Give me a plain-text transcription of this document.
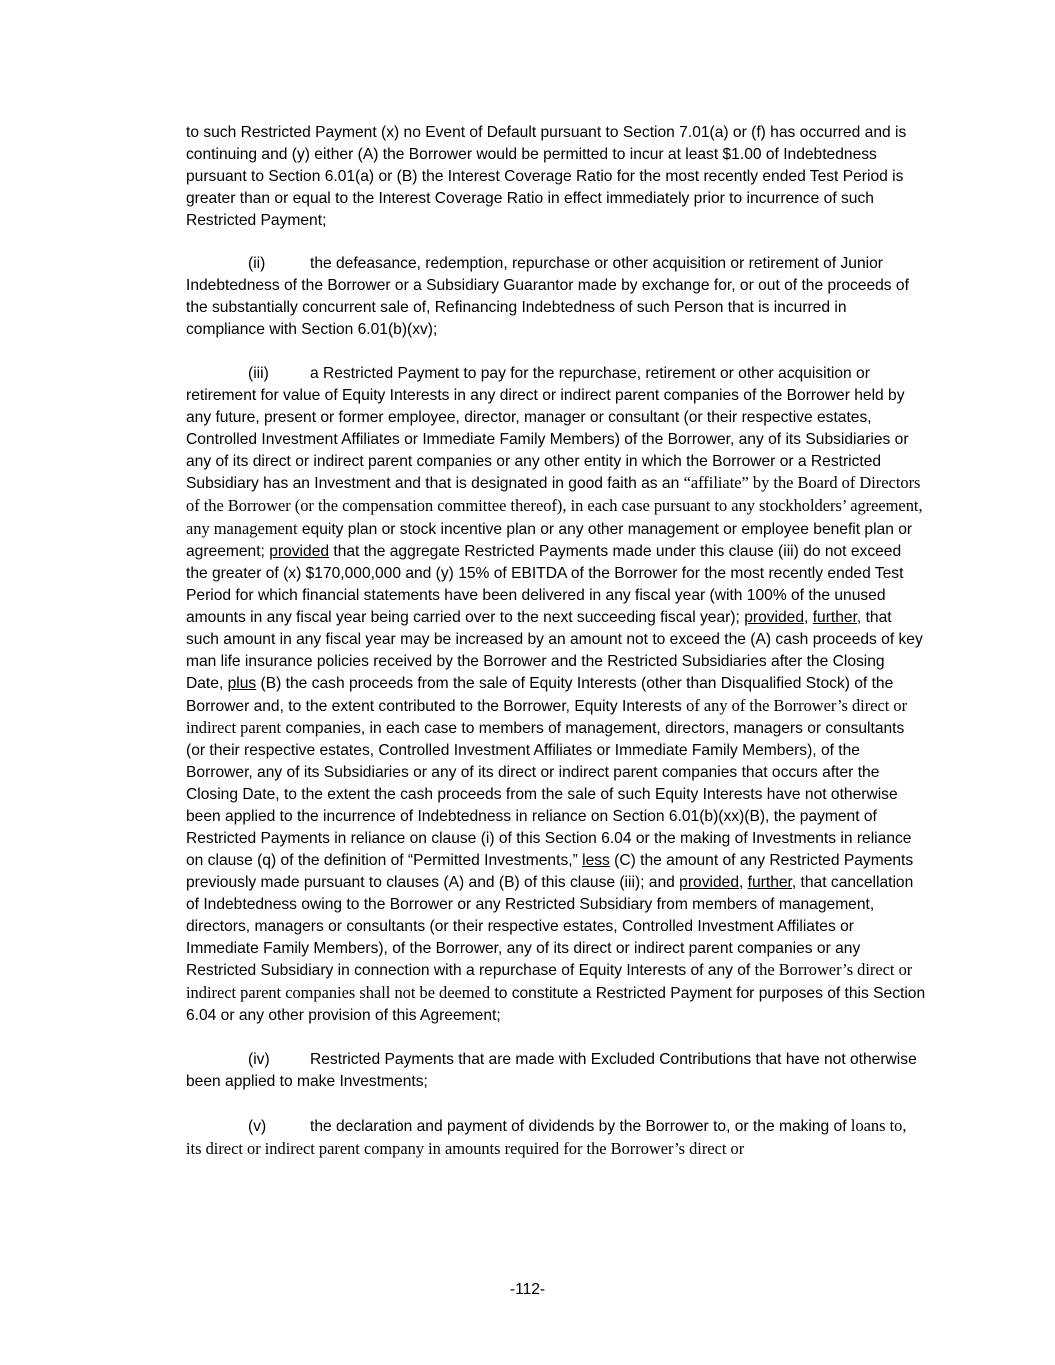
to such Restricted Payment (x) no Event of Default pursuant to Section 7.01(a) or (f) has occurred and is continuing and (y) either (A) the Borrower would be permitted to incur at least $1.00 of Indebtedness pursuant to Section 6.01(a) or (B) the Interest Coverage Ratio for the most recently ended Test Period is greater than or equal to the Interest Coverage Ratio in effect immediately prior to incurrence of such Restricted Payment;

(ii)	the defeasance, redemption, repurchase or other acquisition or retirement of Junior Indebtedness of the Borrower or a Subsidiary Guarantor made by exchange for, or out of the proceeds of the substantially concurrent sale of, Refinancing Indebtedness of such Person that is incurred in compliance with Section 6.01(b)(xv);

(iii)	a Restricted Payment to pay for the repurchase, retirement or other acquisition or retirement for value of Equity Interests in any direct or indirect parent companies of the Borrower held by any future, present or former employee, director, manager or consultant (or their respective estates, Controlled Investment Affiliates or Immediate Family Members) of the Borrower, any of its Subsidiaries or any of its direct or indirect parent companies or any other entity in which the Borrower or a Restricted Subsidiary has an Investment and that is designated in good faith as an “affiliate” by the Board of Directors of the Borrower (or the compensation committee thereof), in each case pursuant to any stockholders’ agreement, any management equity plan or stock incentive plan or any other management or employee benefit plan or agreement; provided that the aggregate Restricted Payments made under this clause (iii) do not exceed the greater of (x) $170,000,000 and (y) 15% of EBITDA of the Borrower for the most recently ended Test Period for which financial statements have been delivered in any fiscal year (with 100% of the unused amounts in any fiscal year being carried over to the next succeeding fiscal year); provided, further, that such amount in any fiscal year may be increased by an amount not to exceed the (A) cash proceeds of key man life insurance policies received by the Borrower and the Restricted Subsidiaries after the Closing Date, plus (B) the cash proceeds from the sale of Equity Interests (other than Disqualified Stock) of the Borrower and, to the extent contributed to the Borrower, Equity Interests of any of the Borrower’s direct or indirect parent companies, in each case to members of management, directors, managers or consultants (or their respective estates, Controlled Investment Affiliates or Immediate Family Members), of the Borrower, any of its Subsidiaries or any of its direct or indirect parent companies that occurs after the Closing Date, to the extent the cash proceeds from the sale of such Equity Interests have not otherwise been applied to the incurrence of Indebtedness in reliance on Section 6.01(b)(xx)(B), the payment of Restricted Payments in reliance on clause (i) of this Section 6.04 or the making of Investments in reliance on clause (q) of the definition of “Permitted Investments,” less (C) the amount of any Restricted Payments previously made pursuant to clauses (A) and (B) of this clause (iii); and provided, further, that cancellation of Indebtedness owing to the Borrower or any Restricted Subsidiary from members of management, directors, managers or consultants (or their respective estates, Controlled Investment Affiliates or Immediate Family Members), of the Borrower, any of its direct or indirect parent companies or any Restricted Subsidiary in connection with a repurchase of Equity Interests of any of the Borrower’s direct or indirect parent companies shall not be deemed to constitute a Restricted Payment for purposes of this Section 6.04 or any other provision of this Agreement;

(iv)	Restricted Payments that are made with Excluded Contributions that have not otherwise been applied to make Investments;

(v)	the declaration and payment of dividends by the Borrower to, or the making of loans to, its direct or indirect parent company in amounts required for the Borrower’s direct or

-112-
